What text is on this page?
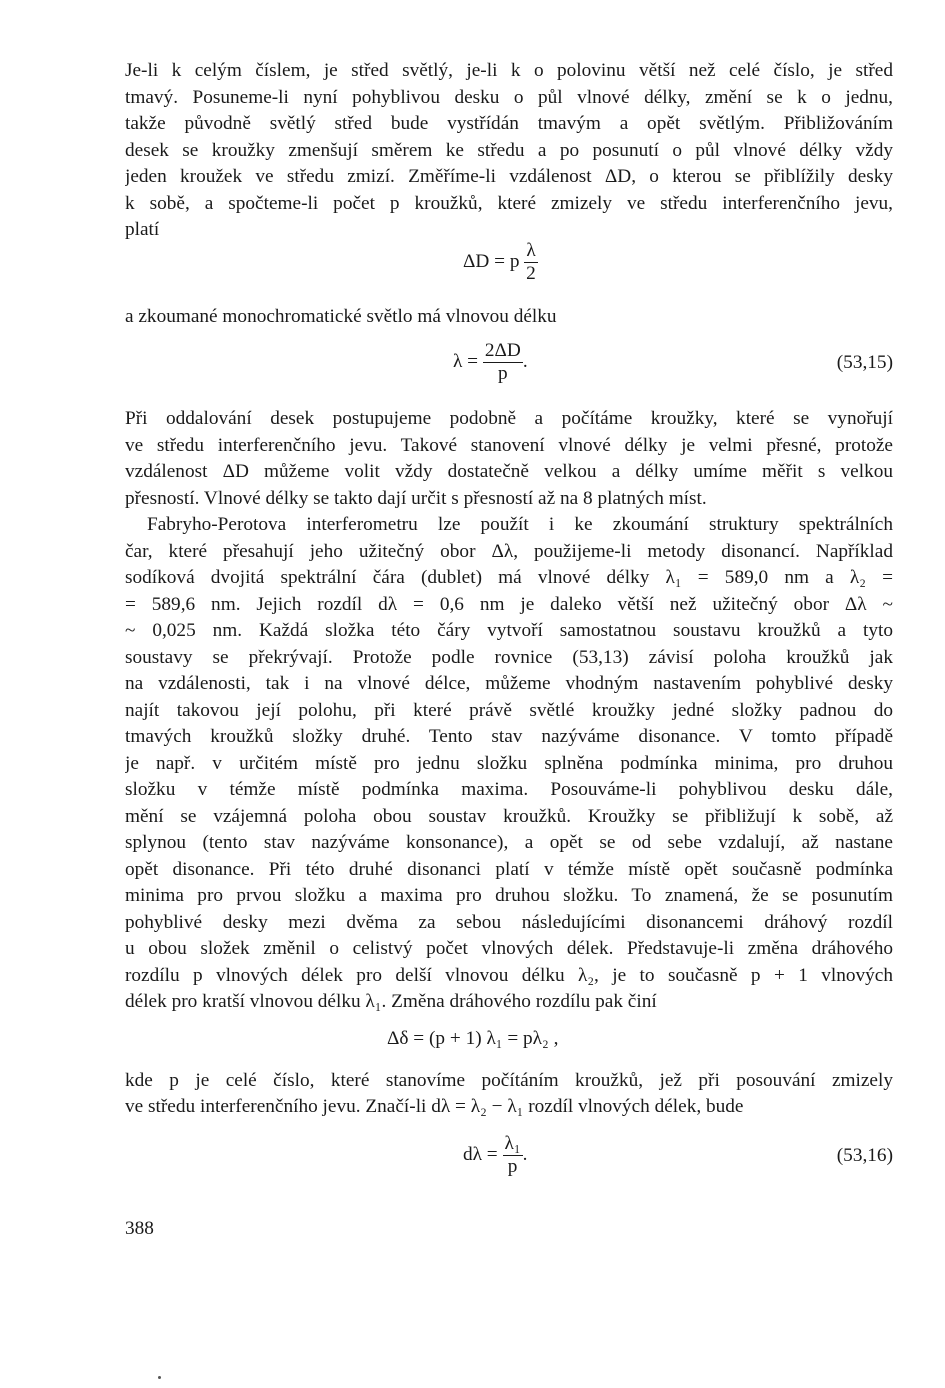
Je-li k celým číslem, je střed světlý, je-li k o polovinu větší než celé číslo, je střed
tmavý. Posuneme-li nyní pohyblivou desku o půl vlnové délky, změní se k o jednu,
takže původně světlý střed bude vystřídán tmavým a opět světlým. Přibližováním
desek se kroužky zmenšují směrem ke středu a po posunutí o půl vlnové délky vždy
jeden kroužek ve středu zmizí. Změříme-li vzdálenost ΔD, o kterou se přiblížily desky
k sobě, a spočteme-li počet p kroužků, které zmizely ve středu interferenčního jevu,
platí
ΔD = p $\frac{\lambda}{2}$
a zkoumané monochromatické světlo má vlnovou délku
$\lambda = \frac{2\Delta D}{p}$ .	(53,15)
Při oddalování desek postupujeme podobně a počítáme kroužky, které se vynořují
ve středu interferenčního jevu. Takové stanovení vlnové délky je velmi přesné, protože
vzdálenost ΔD můžeme volit vždy dostatečně velkou a délky umíme měřit s velkou
přesností. Vlnové délky se takto dají určit s přesností až na 8 platných míst.
Fabryho-Perotova interferometru lze použít i ke zkoumání struktury spektrálních
čar, které přesahují jeho užitečný obor Δλ, použijeme-li metody disonancí. Například
sodíková dvojitá spektrální čára (dublet) má vlnové délky λ₁ = 589,0 nm a λ₂ =
= 589,6 nm. Jejich rozdíl dλ = 0,6 nm je daleko větší než užitečný obor Δλ ~
~ 0,025 nm. Každá složka této čáry vytvoří samostatnou soustavu kroužků a tyto
soustavy se překrývají. Protože podle rovnice (53,13) závisí poloha kroužků jak
na vzdálenosti, tak i na vlnové délce, můžeme vhodným nastavením pohyblivé desky
najít takovou její polohu, při které právě světlé kroužky jedné složky padnou do
tmavých kroužků složky druhé. Tento stav nazýváme disonance. V tomto případě
je např. v určitém místě pro jednu složku splněna podmínka minima, pro druhou
složku v témže místě podmínka maxima. Posouváme-li pohyblivou desku dále,
mění se vzájemná poloha obou soustav kroužků. Kroužky se přibližují k sobě, až
splynou (tento stav nazýváme konsonance), a opět se od sebe vzdalují, až nastane
opět disonance. Při této druhé disonanci platí v témže místě opět současně podmínka
minima pro prvou složku a maxima pro druhou složku. To znamená, že se posunutím
pohyblivé desky mezi dvěma za sebou následujícími disonancemi dráhový rozdíl
u obou složek změnil o celistvý počet vlnových délek. Představuje-li změna dráhového
rozdílu p vlnových délek pro delší vlnovou délku λ₂, je to současně p + 1 vlnových
délek pro kratší vlnovou délku λ₁. Změna dráhového rozdílu pak činí
Δδ = (p + 1) λ₁ = pλ₂ ,
kde p je celé číslo, které stanovíme počítáním kroužků, jež při posouvání zmizely
ve středu interferenčního jevu. Značí-li dλ = λ₂ − λ₁ rozdíl vlnových délek, bude
$d\lambda = \frac{\text{λ₁}}{p}$ .	(53,16)
388
